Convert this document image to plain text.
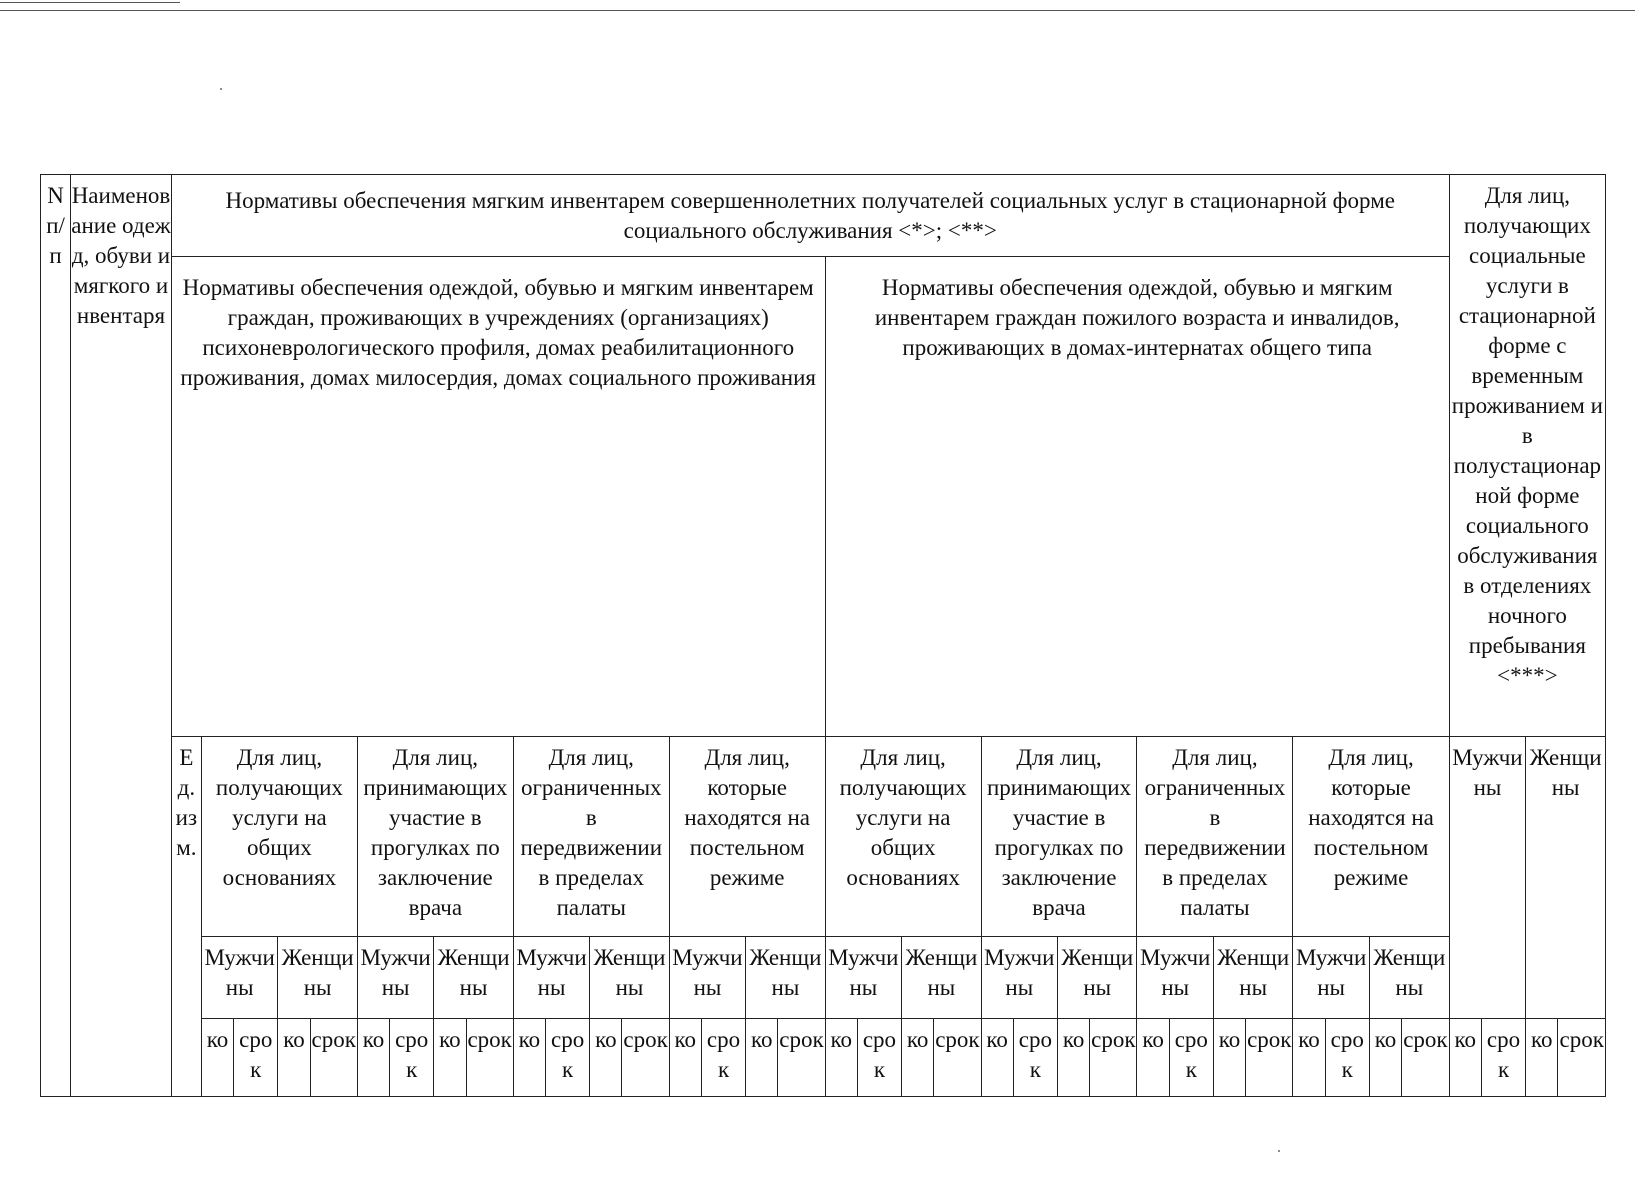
N п/п	Наименование одежд, обуви и мягкого инвентаря	Нормативы обеспечения мягким инвентарем совершеннолетних получателей социальных услуг в стационарной форме социального обслуживания <*>; <**>																																	Для лиц, получающих социальные услуги в стационарной форме с временным проживанием и в полустационарной форме социального обслуживания в отделениях ночного пребывания <***>			
		Нормативы обеспечения одеждой, обувью и мягким инвентарем граждан, проживающих в учреждениях (организациях) психоневрологического профиля, домах реабилитационного проживания, домах милосердия, домах социального проживания																	Нормативы обеспечения одеждой, обувью и мягким инвентарем граждан пожилого возраста и инвалидов, проживающих в домах-интернатах общего типа																			
		Ед. изм.	Для лиц, получающих услуги на общих основаниях				Для лиц, принимающих участие в прогулках по заключение врача				Для лиц, ограниченных в передвижении в пределах палаты				Для лиц, которые находятся на постельном режиме				Для лиц, получающих услуги на общих основаниях				Для лиц, принимающих участие в прогулках по заключение врача				Для лиц, ограниченных в передвижении в пределах палаты				Для лиц, которые находятся на постельном режиме				Мужчины		Женщины	
			Мужчины		Женщины		Мужчины		Женщины		Мужчины		Женщины		Мужчины		Женщины		Мужчины		Женщины		Мужчины		Женщины		Мужчины		Женщины		Мужчины		Женщины					
			ко	срок	ко	срок	ко	срок	ко	срок	ко	срок	ко	срок	ко	срок	ко	срок	ко	срок	ко	срок	ко	срок	ко	срок	ко	срок	ко	срок	ко	срок	ко	срок	ко	срок	ко	срок
